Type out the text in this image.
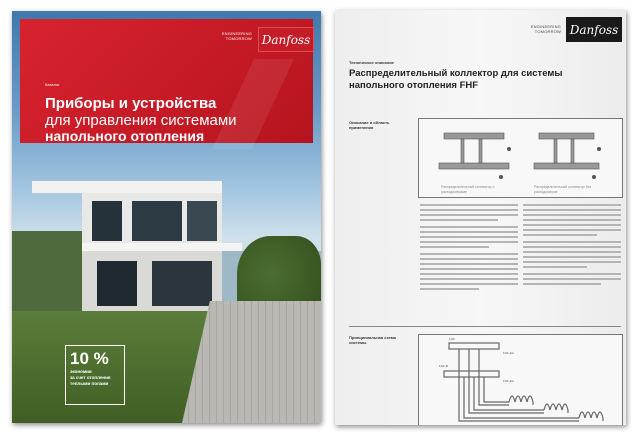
ENGINEERING TOMORROW Danfoss
Каталог
Приборы и устройства
для управления системами
напольного отопления
10 %
экономии
за счет отопления
теплыми полами
ENGINEERING TOMORROW Danfoss
Техническое описание
Распределительный коллектор для системы
напольного отопления FHF
Описание и область применения
Распределительный коллектор с расходомерами
Распределительный коллектор без расходомеров
Принципиальная схема системы
FHF
FHF-EA
FHF-B
FHF-EA
